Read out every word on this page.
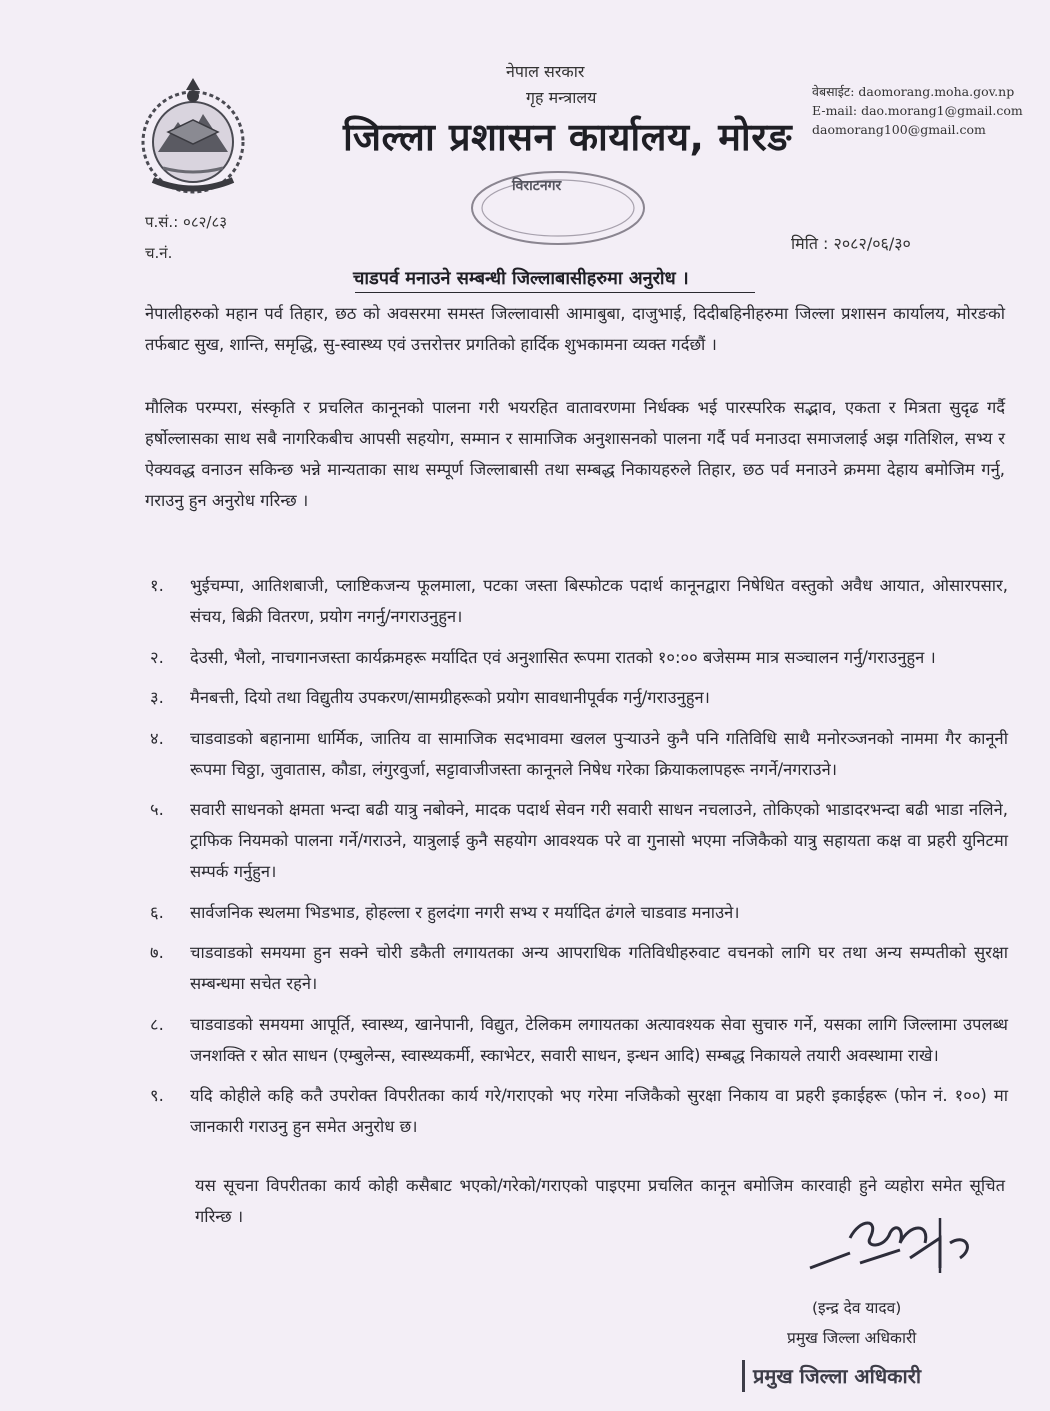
नेपाल सरकार
गृह मन्त्रालय
जिल्ला प्रशासन कार्यालय, मोरङ
वेबसाईट: daomorang.moha.gov.np
E-mail: dao.morang1@gmail.com
daomorang100@gmail.com
विराटनगर
प.सं.: ०८२/८३
च.नं.	मिति : २०८२/०६/३०
चाडपर्व मनाउने सम्बन्धी जिल्लाबासीहरुमा अनुरोध ।
नेपालीहरुको महान पर्व तिहार, छठ को अवसरमा समस्त जिल्लावासी आमाबुबा, दाजुभाई, दिदीबहिनीहरुमा जिल्ला प्रशासन कार्यालय, मोरङको तर्फबाट सुख, शान्ति, समृद्धि, सु-स्वास्थ्य एवं उत्तरोत्तर प्रगतिको हार्दिक शुभकामना व्यक्त गर्दछौं ।
मौलिक परम्परा, संस्कृति र प्रचलित कानूनको पालना गरी भयरहित वातावरणमा निर्धक्क भई पारस्परिक सद्भाव, एकता र मित्रता सुदृढ गर्दै हर्षोल्लासका साथ सबै नागरिकबीच आपसी सहयोग, सम्मान र सामाजिक अनुशासनको पालना गर्दै पर्व मनाउदा समाजलाई अझ गतिशिल, सभ्य र ऐक्यवद्ध वनाउन सकिन्छ भन्ने मान्यताका साथ सम्पूर्ण जिल्लाबासी तथा सम्बद्ध निकायहरुले तिहार, छठ पर्व मनाउने क्रममा देहाय बमोजिम गर्नु, गराउनु हुन अनुरोध गरिन्छ ।
१. भुईचम्पा, आतिशबाजी, प्लाष्टिकजन्य फूलमाला, पटका जस्ता बिस्फोटक पदार्थ कानूनद्वारा निषेधित वस्तुको अवैध आयात, ओसारपसार, संचय, बिक्री वितरण, प्रयोग नगर्नु/नगराउनुहुन।
२. देउसी, भैलो, नाचगानजस्ता कार्यक्रमहरू मर्यादित एवं अनुशासित रूपमा रातको १०:०० बजेसम्म मात्र सञ्चालन गर्नु/गराउनुहुन ।
३. मैनबत्ती, दियो तथा विद्युतीय उपकरण/सामग्रीहरूको प्रयोग सावधानीपूर्वक गर्नु/गराउनुहुन।
४. चाडवाडको बहानामा धार्मिक, जातिय वा सामाजिक सदभावमा खलल पुर्‍याउने कुनै पनि गतिविधि साथै मनोरञ्जनको नाममा गैर कानूनी रूपमा चिठ्ठा, जुवातास, कौडा, लंगुरवुर्जा, सट्टावाजीजस्ता कानूनले निषेध गरेका क्रियाकलापहरू नगर्ने/नगराउने।
५. सवारी साधनको क्षमता भन्दा बढी यात्रु नबोक्ने, मादक पदार्थ सेवन गरी सवारी साधन नचलाउने, तोकिएको भाडादरभन्दा बढी भाडा नलिने, ट्राफिक नियमको पालना गर्ने/गराउने, यात्रुलाई कुनै सहयोग आवश्यक परे वा गुनासो भएमा नजिकैको यात्रु सहायता कक्ष वा प्रहरी युनिटमा सम्पर्क गर्नुहुन।
६. सार्वजनिक स्थलमा भिडभाड, होहल्ला र हुलदंगा नगरी सभ्य र मर्यादित ढंगले चाडवाड मनाउने।
७. चाडवाडको समयमा हुन सक्ने चोरी डकैती लगायतका अन्य आपराधिक गतिविधीहरुवाट वचनको लागि घर तथा अन्य सम्पतीको सुरक्षा सम्बन्धमा सचेत रहने।
८. चाडवाडको समयमा आपूर्ति, स्वास्थ्य, खानेपानी, विद्युत, टेलिकम लगायतका अत्यावश्यक सेवा सुचारु गर्ने, यसका लागि जिल्लामा उपलब्ध जनशक्ति र स्रोत साधन (एम्बुलेन्स, स्वास्थ्यकर्मी, स्काभेटर, सवारी साधन, इन्धन आदि) सम्बद्ध निकायले तयारी अवस्थामा राखे।
९. यदि कोहीले कहि कतै उपरोक्त विपरीतका कार्य गरे/गराएको भए गरेमा नजिकैको सुरक्षा निकाय वा प्रहरी इकाईहरू (फोन नं. १००) मा जानकारी गराउनु हुन समेत अनुरोध छ।
यस सूचना विपरीतका कार्य कोही कसैबाट भएको/गरेको/गराएको पाइएमा प्रचलित कानून बमोजिम कारवाही हुने व्यहोरा समेत सूचित गरिन्छ ।
(इन्द्र देव यादव)
प्रमुख जिल्ला अधिकारी
प्रमुख जिल्ला अधिकारी
